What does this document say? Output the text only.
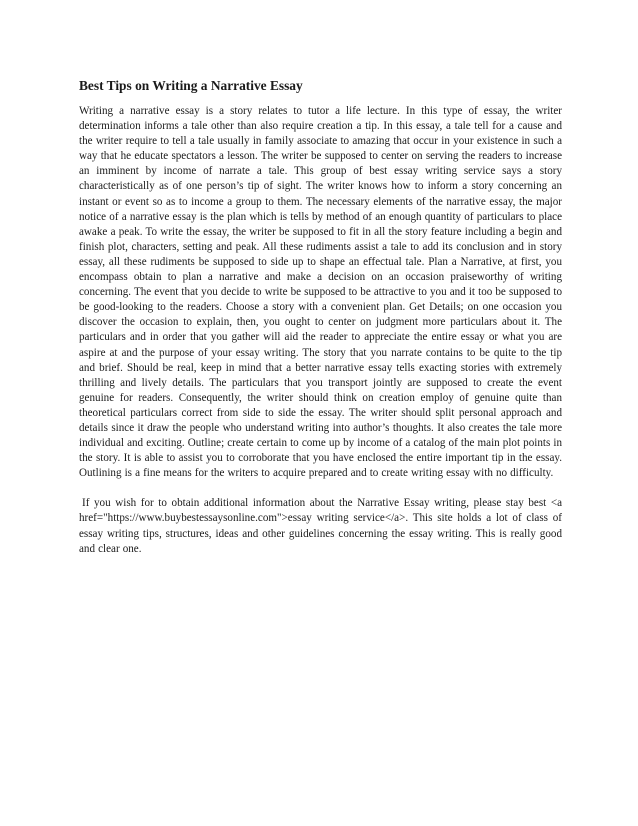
Best Tips on Writing a Narrative Essay

Writing a narrative essay is a story relates to tutor a life lecture. In this type of essay, the writer determination informs a tale other than also require creation a tip. In this essay, a tale tell for a cause and the writer require to tell a tale usually in family associate to amazing that occur in your existence in such a way that he educate spectators a lesson. The writer be supposed to center on serving the readers to increase an imminent by income of narrate a tale. This group of best essay writing service says a story characteristically as of one person’s tip of sight. The writer knows how to inform a story concerning an instant or event so as to income a group to them. The necessary elements of the narrative essay, the major notice of a narrative essay is the plan which is tells by method of an enough quantity of particulars to place awake a peak. To write the essay, the writer be supposed to fit in all the story feature including a begin and finish plot, characters, setting and peak. All these rudiments assist a tale to add its conclusion and in story essay, all these rudiments be supposed to side up to shape an effectual tale. Plan a Narrative, at first, you encompass obtain to plan a narrative and make a decision on an occasion praiseworthy of writing concerning. The event that you decide to write be supposed to be attractive to you and it too be supposed to be good-looking to the readers. Choose a story with a convenient plan. Get Details; on one occasion you discover the occasion to explain, then, you ought to center on judgment more particulars about it. The particulars and in order that you gather will aid the reader to appreciate the entire essay or what you are aspire at and the purpose of your essay writing. The story that you narrate contains to be quite to the tip and brief. Should be real, keep in mind that a better narrative essay tells exacting stories with extremely thrilling and lively details. The particulars that you transport jointly are supposed to create the event genuine for readers. Consequently, the writer should think on creation employ of genuine quite than theoretical particulars correct from side to side the essay. The writer should split personal approach and details since it draw the people who understand writing into author’s thoughts. It also creates the tale more individual and exciting. Outline; create certain to come up by income of a catalog of the main plot points in the story. It is able to assist you to corroborate that you have enclosed the entire important tip in the essay. Outlining is a fine means for the writers to acquire prepared and to create writing essay with no difficulty.

If you wish for to obtain additional information about the Narrative Essay writing, please stay best <a href="https://www.buybestessaysonline.com">essay writing service</a>. This site holds a lot of class of essay writing tips, structures, ideas and other guidelines concerning the essay writing. This is really good and clear one.
